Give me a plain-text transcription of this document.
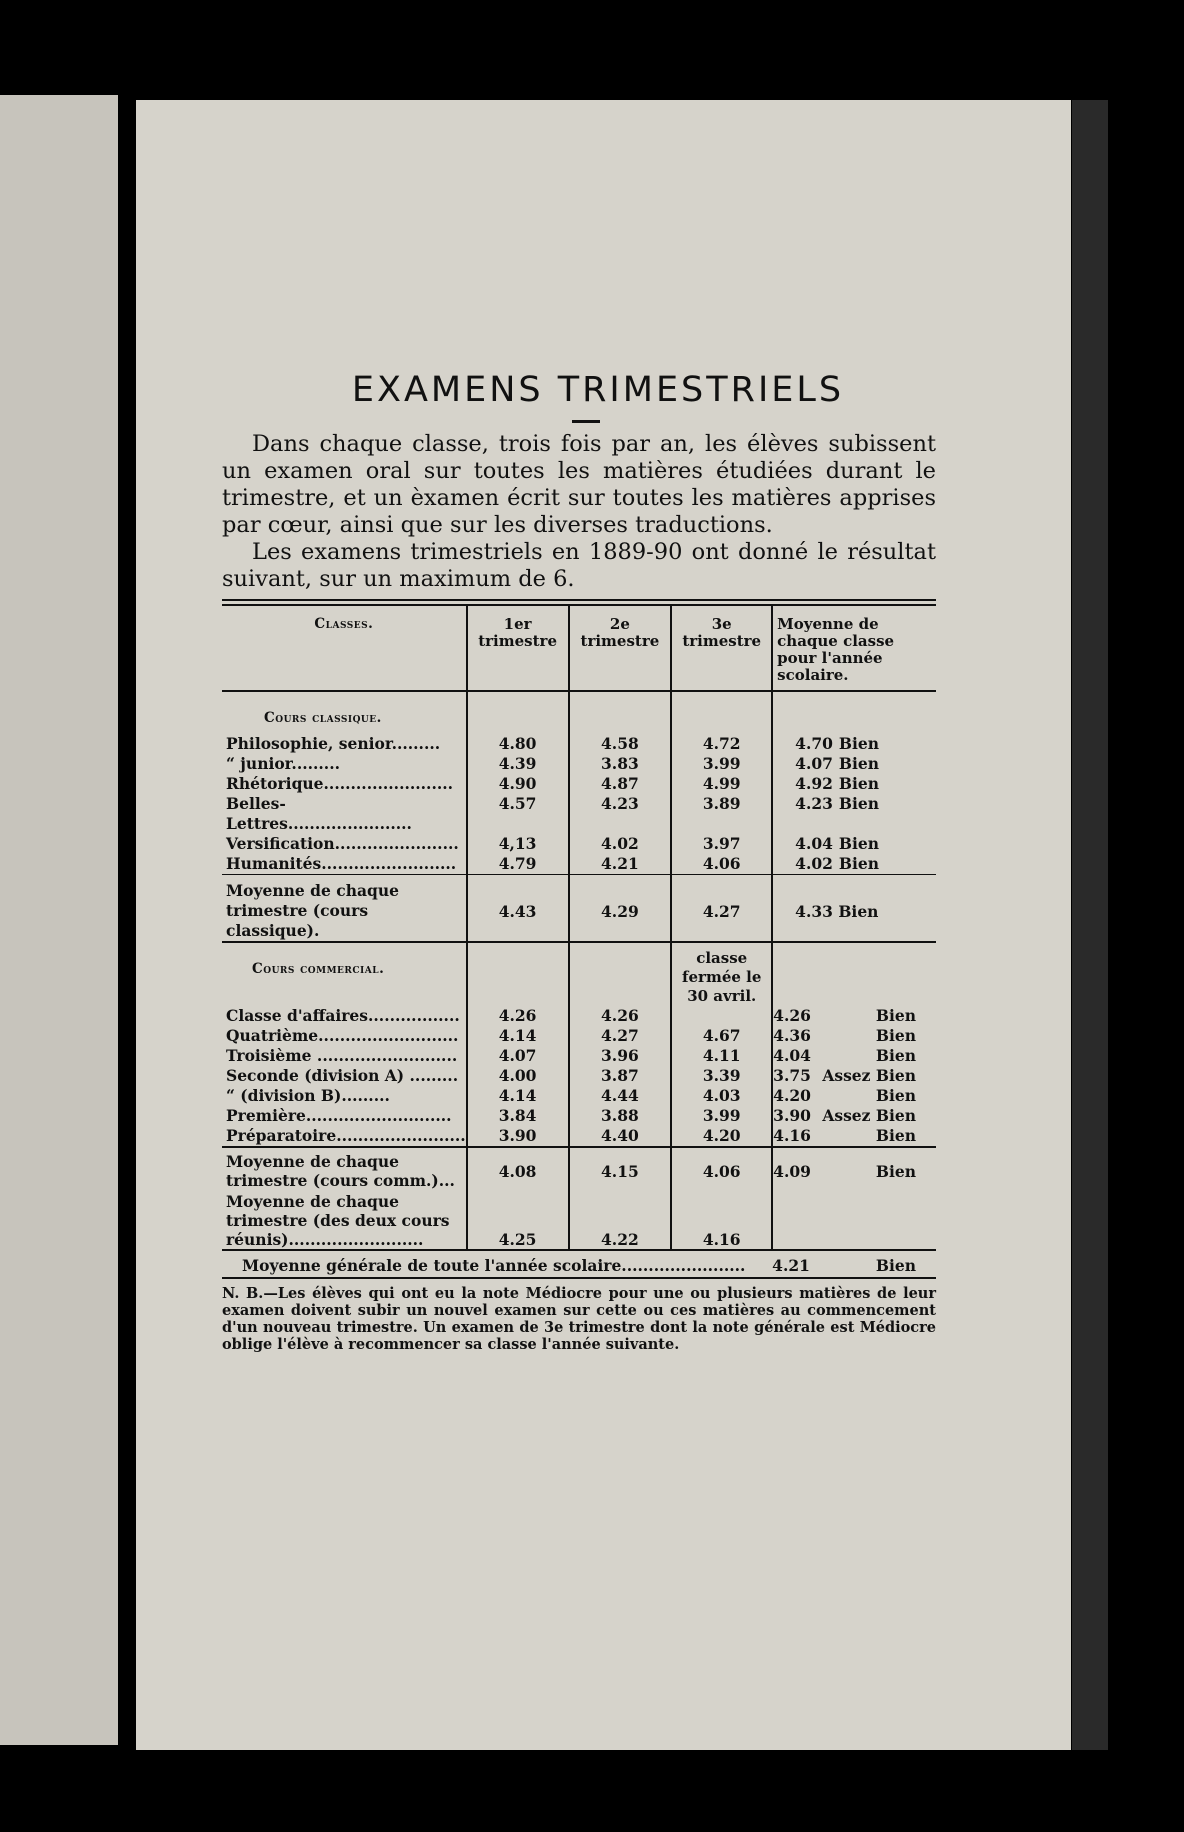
EXAMENS TRIMESTRIELS

Dans chaque classe, trois fois par an, les élèves subissent un examen oral sur toutes les matières étudiées durant le trimestre, et un èxamen écrit sur toutes les matières apprises par cœur, ainsi que sur les diverses traductions.

Les examens trimestriels en 1889-90 ont donné le résultat suivant, sur un maximum de 6.

Classes.	1er trimestre	2e trimestre	3e trimestre	Moyenne de chaque classe pour l'année scolaire.
Cours classique.				
Philosophie, senior.........	4.80	4.58	4.72	4.70 Bien
“ junior.........	4.39	3.83	3.99	4.07 Bien
Rhétorique........................	4.90	4.87	4.99	4.92 Bien
Belles-Lettres.......................	4.57	4.23	3.89	4.23 Bien
Versification.......................	4,13	4.02	3.97	4.04 Bien
Humanités.........................	4.79	4.21	4.06	4.02 Bien
Moyenne de chaque trimestre (cours classique).	4.43	4.29	4.27	4.33 Bien
Cours commercial.			classe fermée le 30 avril.	
Classe d'affaires.................	4.26	4.26		4.26 Bien

Quatrième..........................	4.14	4.27	4.67	4.36 Bien

Troisième ..........................	4.07	3.96	4.11	4.04 Bien

Seconde (division A) .........	4.00	3.87	3.39	3.75 Assez Bien

“ (division B).........	4.14	4.44	4.03	4.20 Bien

Première...........................	3.84	3.88	3.99	3.90 Assez Bien

Préparatoire........................	3.90	4.40	4.20	4.16 Bien

Moyenne de chaque trimestre (cours comm.)...	4.08	4.15	4.06	4.09 Bien

Moyenne de chaque trimestre (des deux cours réunis).........................	4.25	4.22	4.16	
Moyenne générale de toute l'année scolaire.......................				4.21 Bien

N. B.—Les élèves qui ont eu la note Médiocre pour une ou plusieurs matières de leur examen doivent subir un nouvel examen sur cette ou ces matières au commencement d'un nouveau trimestre. Un examen de 3e trimestre dont la note générale est Médiocre oblige l'élève à recommencer sa classe l'année suivante.
